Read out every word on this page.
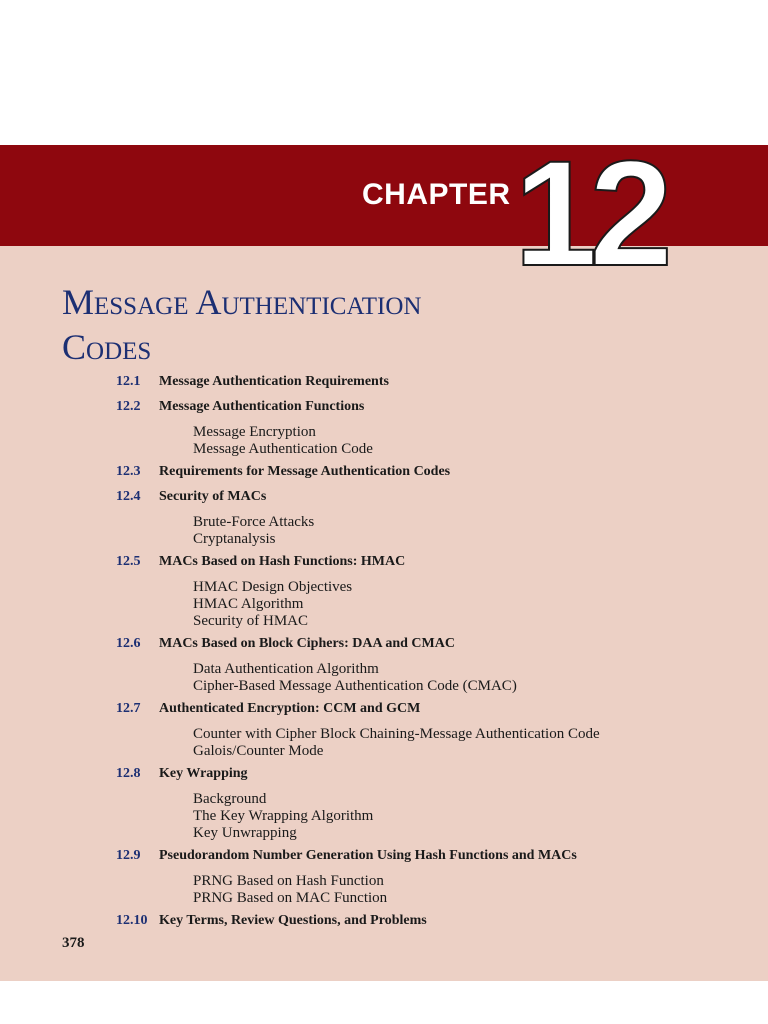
CHAPTER 12
Message Authentication
Codes
12.1 Message Authentication Requirements
12.2 Message Authentication Functions
Message Encryption
Message Authentication Code
12.3 Requirements for Message Authentication Codes
12.4 Security of MACs
Brute-Force Attacks
Cryptanalysis
12.5 MACs Based on Hash Functions: HMAC
HMAC Design Objectives
HMAC Algorithm
Security of HMAC
12.6 MACs Based on Block Ciphers: DAA and CMAC
Data Authentication Algorithm
Cipher-Based Message Authentication Code (CMAC)
12.7 Authenticated Encryption: CCM and GCM
Counter with Cipher Block Chaining-Message Authentication Code
Galois/Counter Mode
12.8 Key Wrapping
Background
The Key Wrapping Algorithm
Key Unwrapping
12.9 Pseudorandom Number Generation Using Hash Functions and MACs
PRNG Based on Hash Function
PRNG Based on MAC Function
12.10 Key Terms, Review Questions, and Problems
378
